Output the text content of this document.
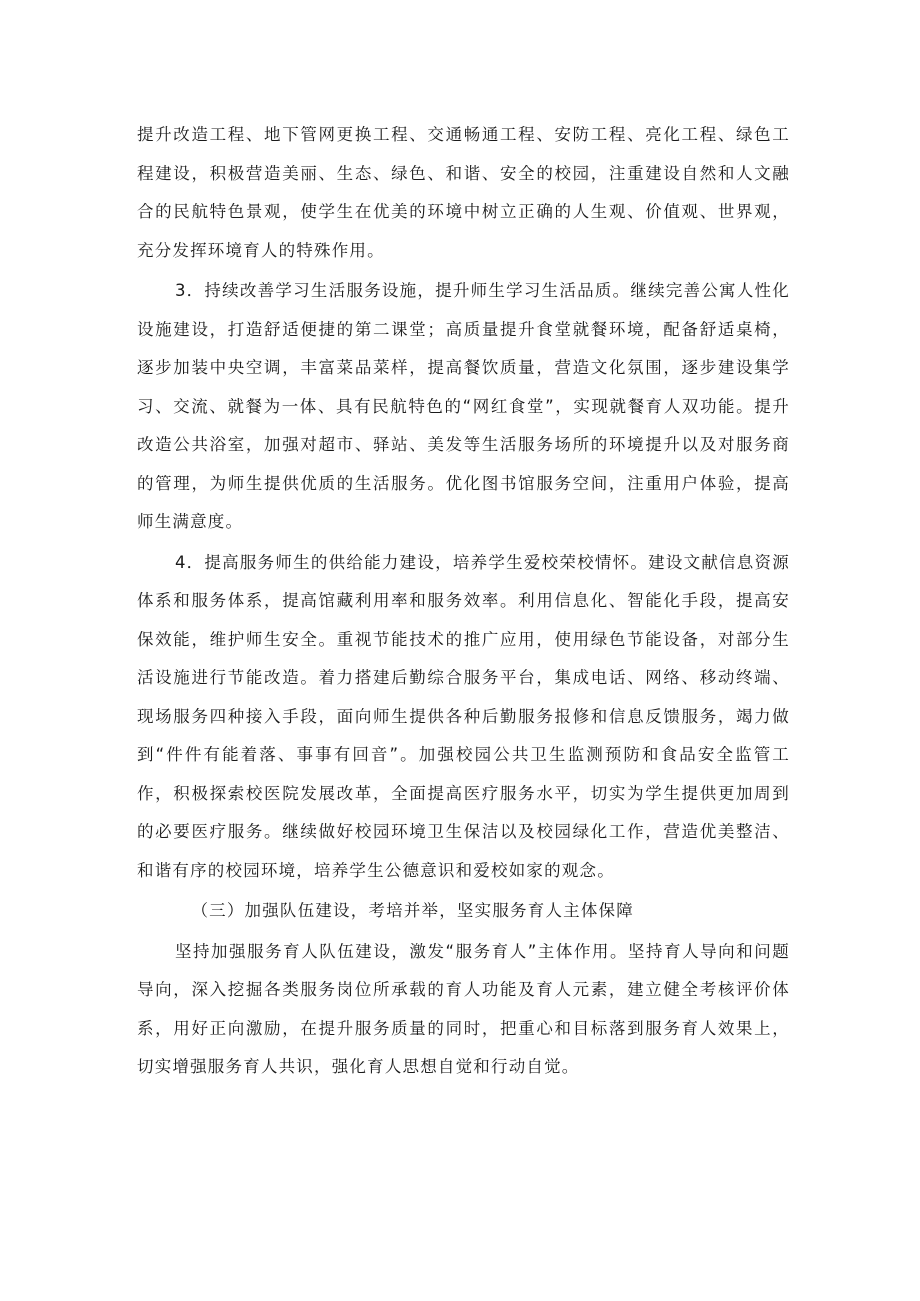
提升改造工程、地下管网更换工程、交通畅通工程、安防工程、亮化工程、绿色工程建设，积极营造美丽、生态、绿色、和谐、安全的校园，注重建设自然和人文融合的民航特色景观，使学生在优美的环境中树立正确的人生观、价值观、世界观，充分发挥环境育人的特殊作用。

3．持续改善学习生活服务设施，提升师生学习生活品质。继续完善公寓人性化设施建设，打造舒适便捷的第二课堂；高质量提升食堂就餐环境，配备舒适桌椅，逐步加装中央空调，丰富菜品菜样，提高餐饮质量，营造文化氛围，逐步建设集学习、交流、就餐为一体、具有民航特色的“网红食堂”，实现就餐育人双功能。提升改造公共浴室，加强对超市、驿站、美发等生活服务场所的环境提升以及对服务商的管理，为师生提供优质的生活服务。优化图书馆服务空间，注重用户体验，提高师生满意度。

4．提高服务师生的供给能力建设，培养学生爱校荣校情怀。建设文献信息资源体系和服务体系，提高馆藏利用率和服务效率。利用信息化、智能化手段，提高安保效能，维护师生安全。重视节能技术的推广应用，使用绿色节能设备，对部分生活设施进行节能改造。着力搭建后勤综合服务平台，集成电话、网络、移动终端、现场服务四种接入手段，面向师生提供各种后勤服务报修和信息反馈服务，竭力做到“件件有能着落、事事有回音”。加强校园公共卫生监测预防和食品安全监管工作，积极探索校医院发展改革，全面提高医疗服务水平，切实为学生提供更加周到的必要医疗服务。继续做好校园环境卫生保洁以及校园绿化工作，营造优美整洁、和谐有序的校园环境，培养学生公德意识和爱校如家的观念。

（三）加强队伍建设，考培并举，坚实服务育人主体保障

坚持加强服务育人队伍建设，激发“服务育人”主体作用。坚持育人导向和问题导向，深入挖掘各类服务岗位所承载的育人功能及育人元素，建立健全考核评价体系，用好正向激励，在提升服务质量的同时，把重心和目标落到服务育人效果上，切实增强服务育人共识，强化育人思想自觉和行动自觉。
